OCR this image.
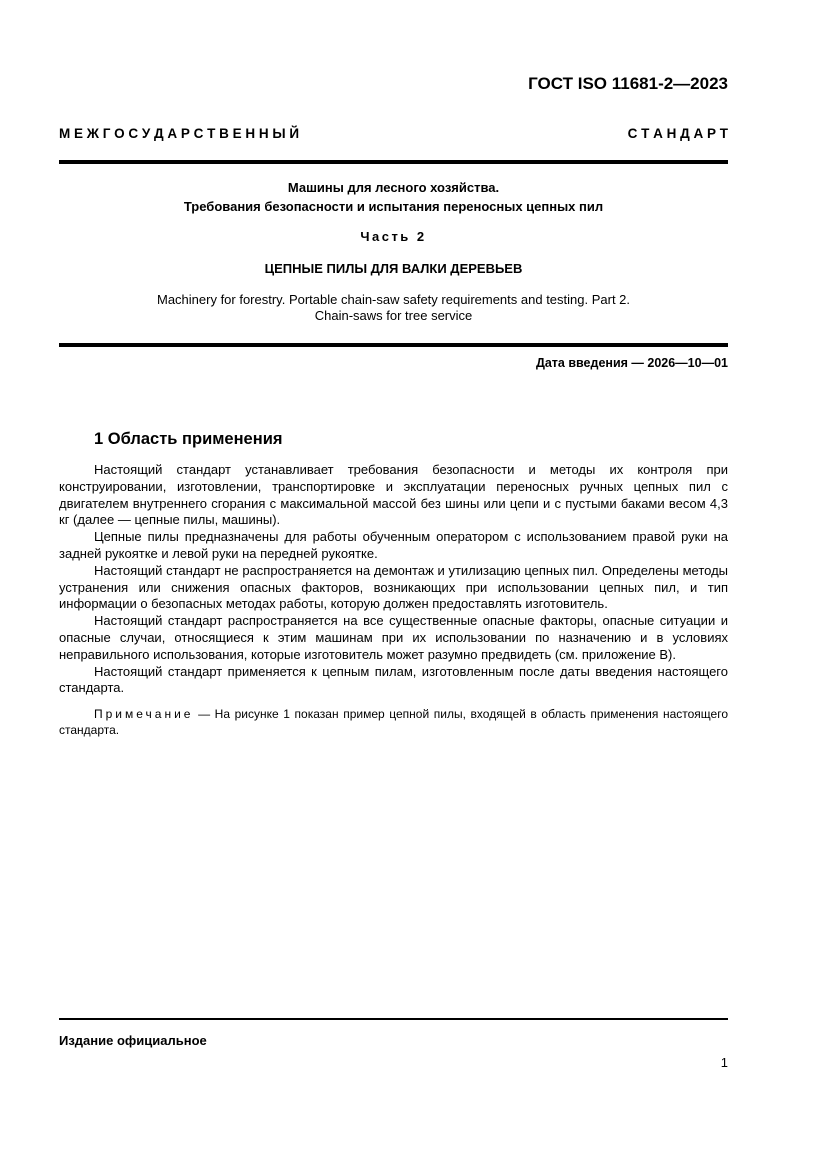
ГОСТ ISO 11681-2—2023
М Е Ж Г О С У Д А Р С Т В Е Н Н Ы Й	С Т А Н Д А Р Т
Машины для лесного хозяйства.
Требования безопасности и испытания переносных цепных пил
Часть 2
ЦЕПНЫЕ ПИЛЫ ДЛЯ ВАЛКИ ДЕРЕВЬЕВ
Machinery for forestry. Portable chain-saw safety requirements and testing. Part 2.
Chain-saws for tree service
Дата введения — 2026—10—01
1 Область применения

Настоящий стандарт устанавливает требования безопасности и методы их контроля при конструировании, изготовлении, транспортировке и эксплуатации переносных ручных цепных пил с двигателем внутреннего сгорания с максимальной массой без шины или цепи и с пустыми баками весом 4,3 кг (далее — цепные пилы, машины).

Цепные пилы предназначены для работы обученным оператором с использованием правой руки на задней рукоятке и левой руки на передней рукоятке.

Настоящий стандарт не распространяется на демонтаж и утилизацию цепных пил. Определены методы устранения или снижения опасных факторов, возникающих при использовании цепных пил, и тип информации о безопасных методах работы, которую должен предоставлять изготовитель.

Настоящий стандарт распространяется на все существенные опасные факторы, опасные ситуации и опасные случаи, относящиеся к этим машинам при их использовании по назначению и в условиях неправильного использования, которые изготовитель может разумно предвидеть (см. приложение В).

Настоящий стандарт применяется к цепным пилам, изготовленным после даты введения настоящего стандарта.

Примечание — На рисунке 1 показан пример цепной пилы, входящей в область применения настоящего стандарта.

Издание официальное
1
